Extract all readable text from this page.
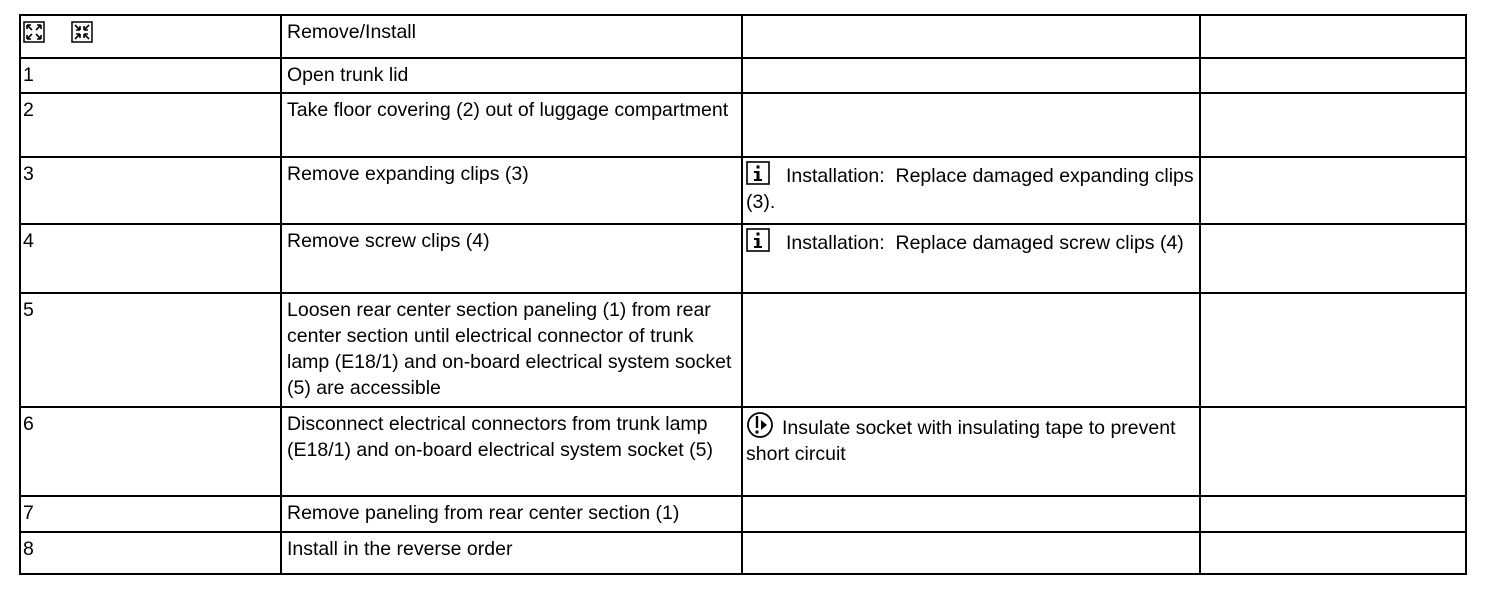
	Remove/Install		
1	Open trunk lid		
2	Take floor covering (2) out of luggage compartment		
3	Remove expanding clips (3)	Installation: Replace damaged expanding clips (3).	

4	Remove screw clips (4)	Installation: Replace damaged screw clips (4)	

5	Loosen rear center section paneling (1) from rear center section until electrical connector of trunk lamp (E18/1) and on-board electrical system socket (5) are accessible		
6	Disconnect electrical connectors from trunk lamp (E18/1) and on-board electrical system socket (5)	Insulate socket with insulating tape to prevent short circuit	

7	Remove paneling from rear center section (1)		
8	Install in the reverse order		
